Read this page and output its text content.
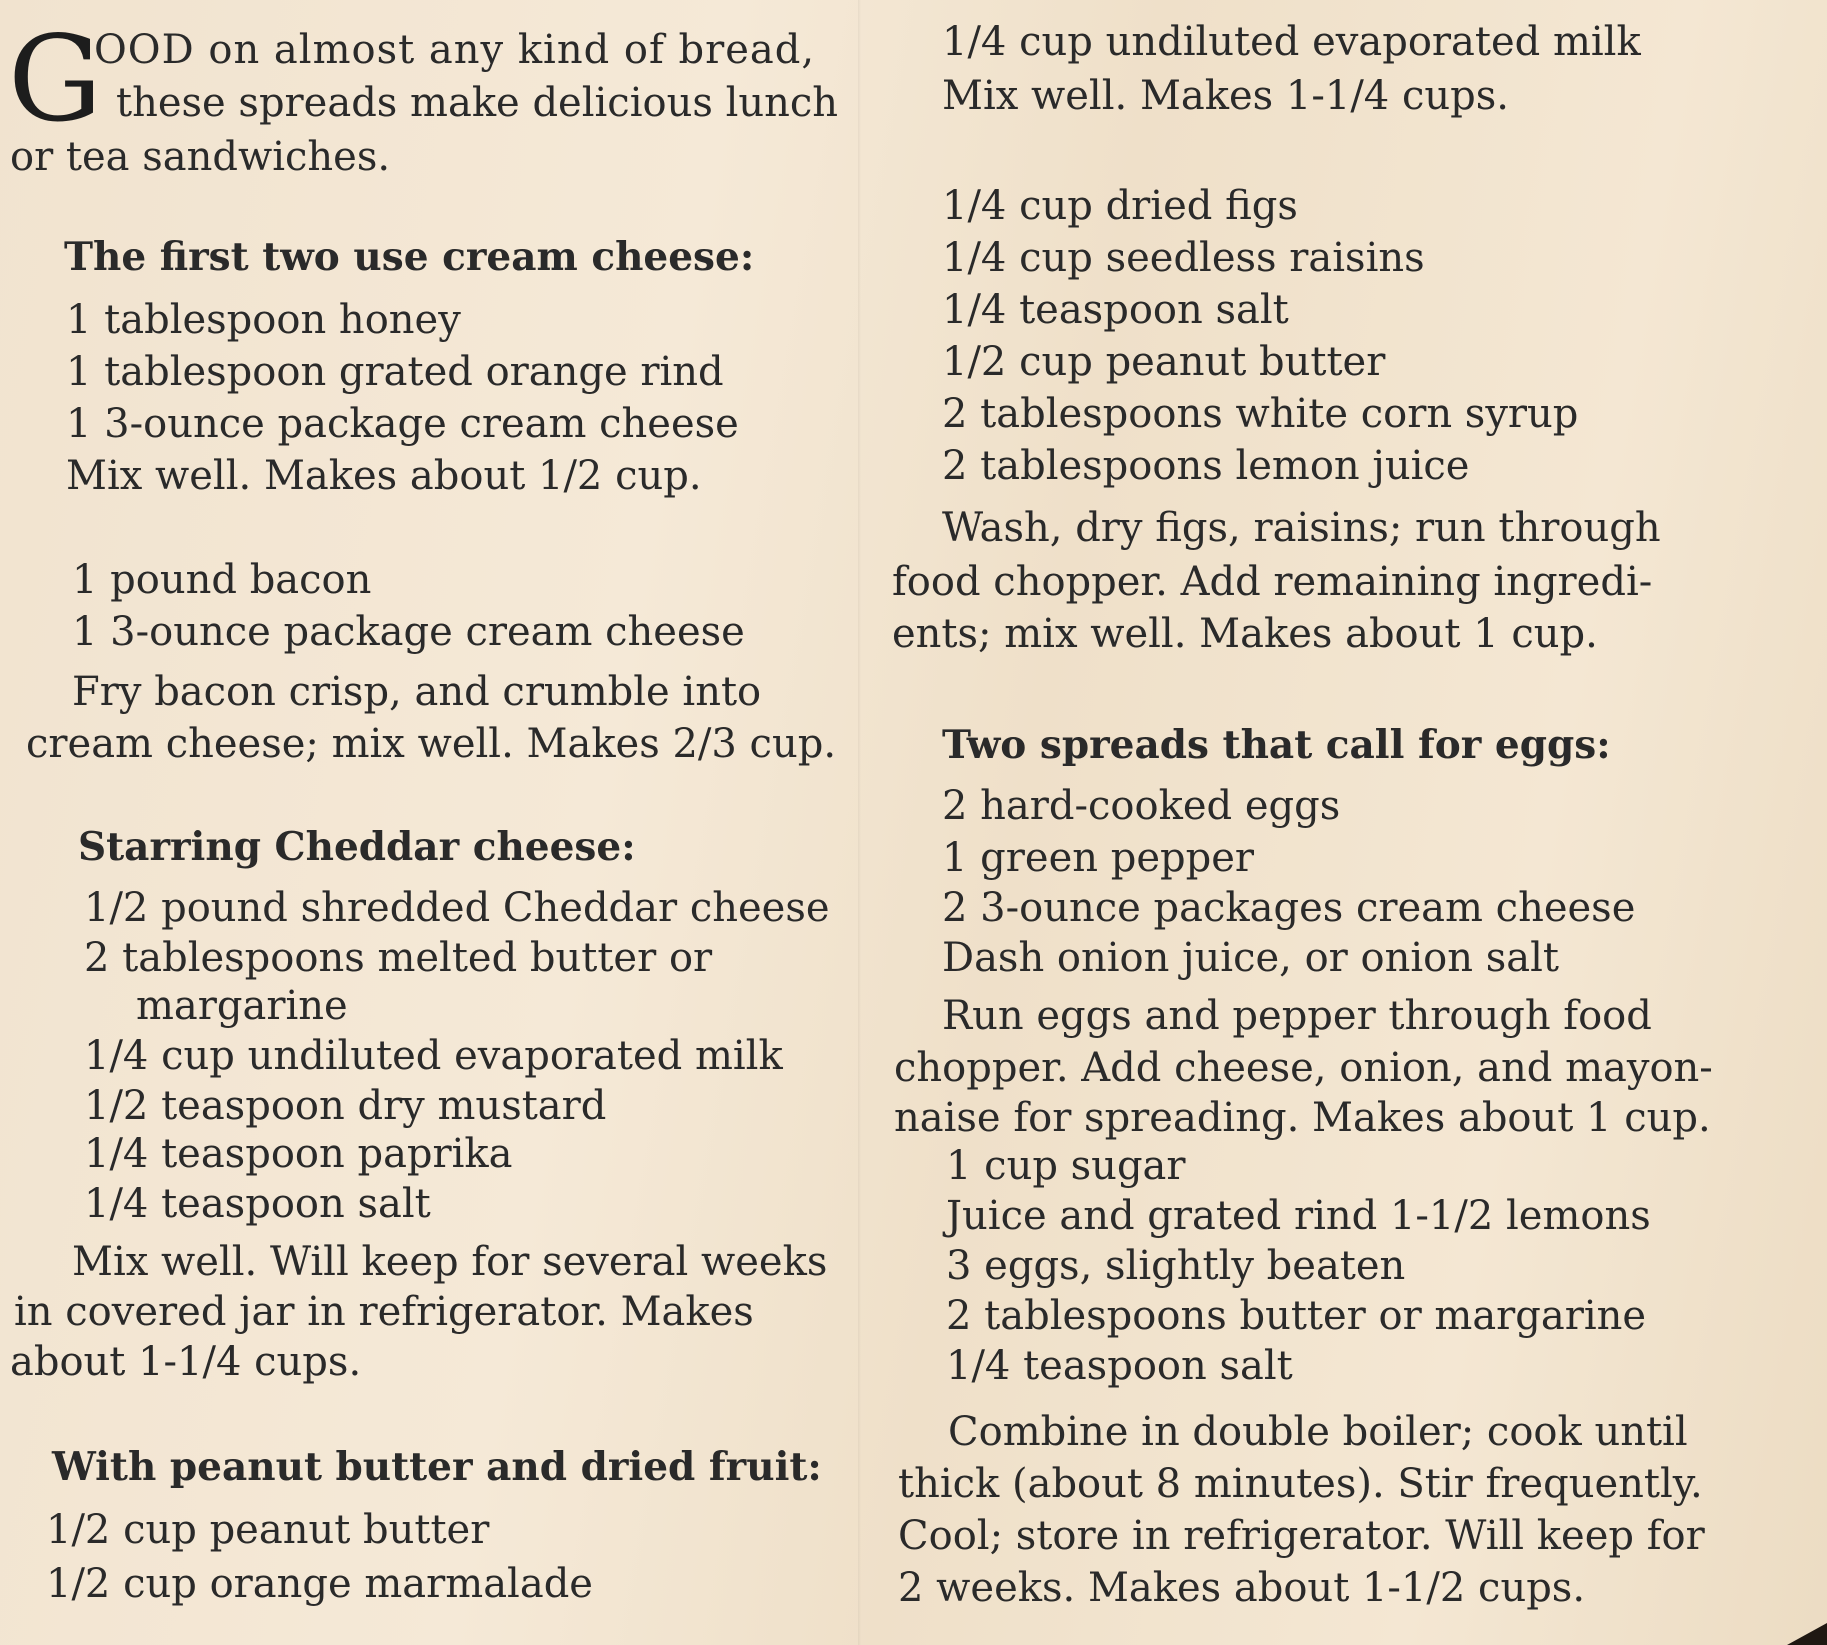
G
OOD on almost any kind of bread,
these spreads make delicious lunch
or tea sandwiches.
The first two use cream cheese:
1 tablespoon honey
1 tablespoon grated orange rind
1 3-ounce package cream cheese
Mix well. Makes about 1/2 cup.
1 pound bacon
1 3-ounce package cream cheese
Fry bacon crisp, and crumble into
cream cheese; mix well. Makes 2/3 cup.
Starring Cheddar cheese:
1/2 pound shredded Cheddar cheese
2 tablespoons melted butter or
margarine
1/4 cup undiluted evaporated milk
1/2 teaspoon dry mustard
1/4 teaspoon paprika
1/4 teaspoon salt
Mix well. Will keep for several weeks
in covered jar in refrigerator. Makes
about 1-1/4 cups.
With peanut butter and dried fruit:
1/2 cup peanut butter
1/2 cup orange marmalade
1/4 cup undiluted evaporated milk
Mix well. Makes 1-1/4 cups.
1/4 cup dried figs
1/4 cup seedless raisins
1/4 teaspoon salt
1/2 cup peanut butter
2 tablespoons white corn syrup
2 tablespoons lemon juice
Wash, dry figs, raisins; run through
food chopper. Add remaining ingredi-
ents; mix well. Makes about 1 cup.
Two spreads that call for eggs:
2 hard-cooked eggs
1 green pepper
2 3-ounce packages cream cheese
Dash onion juice, or onion salt
Run eggs and pepper through food
chopper. Add cheese, onion, and mayon-
naise for spreading. Makes about 1 cup.
1 cup sugar
Juice and grated rind 1-1/2 lemons
3 eggs, slightly beaten
2 tablespoons butter or margarine
1/4 teaspoon salt
Combine in double boiler; cook until
thick (about 8 minutes). Stir frequently.
Cool; store in refrigerator. Will keep for
2 weeks. Makes about 1-1/2 cups.
